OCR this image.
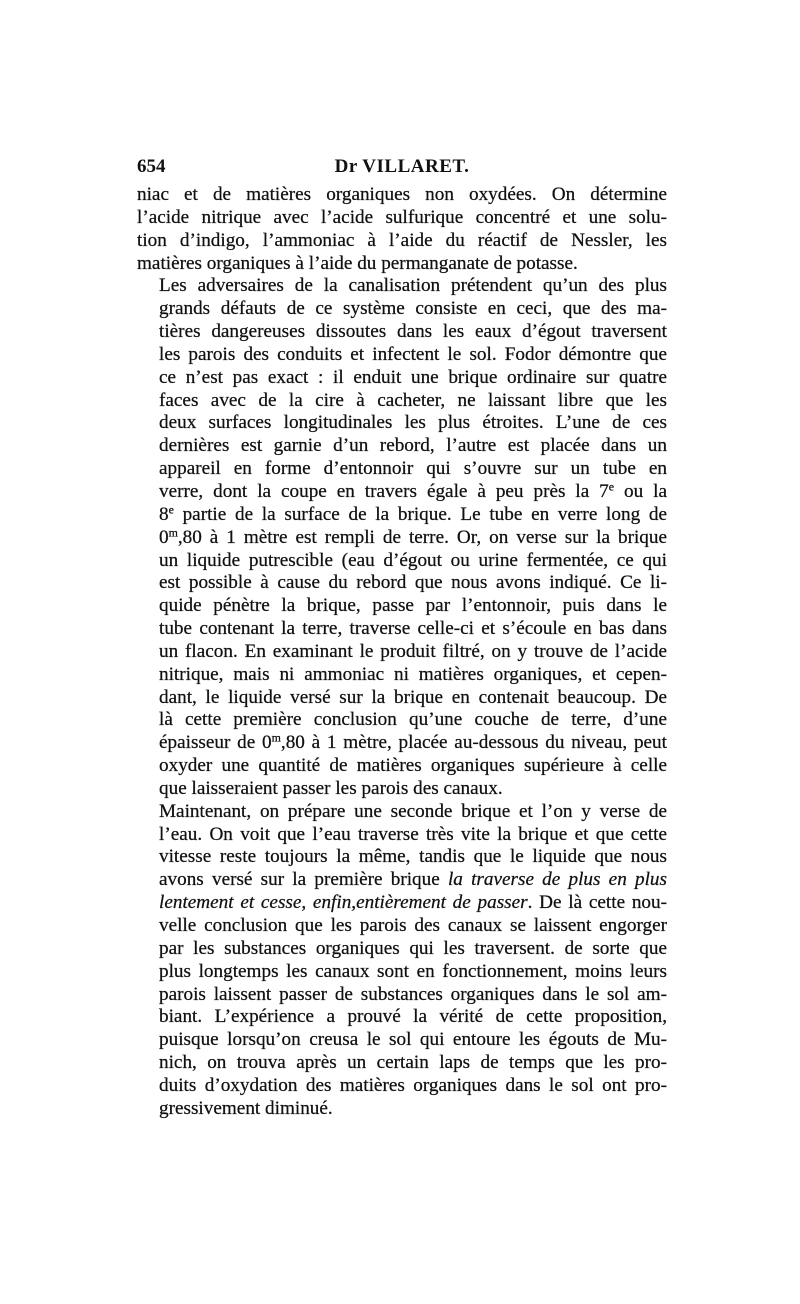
654	Dr VILLARET.

niac et de matières organiques non oxydées. On détermine
l’acide nitrique avec l’acide sulfurique concentré et une solu-
tion d’indigo, l’ammoniac à l’aide du réactif de Nessler, les
matières organiques à l’aide du permanganate de potasse.

Les adversaires de la canalisation prétendent qu’un des plus
grands défauts de ce système consiste en ceci, que des ma-
tières dangereuses dissoutes dans les eaux d’égout traversent
les parois des conduits et infectent le sol. Fodor démontre que
ce n’est pas exact : il enduit une brique ordinaire sur quatre
faces avec de la cire à cacheter, ne laissant libre que les
deux surfaces longitudinales les plus étroites. L’une de ces
dernières est garnie d’un rebord, l’autre est placée dans un
appareil en forme d’entonnoir qui s’ouvre sur un tube en
verre, dont la coupe en travers égale à peu près la 7e ou la
8e partie de la surface de la brique. Le tube en verre long de
0$^m$,80 à 1 mètre est rempli de terre. Or, on verse sur la brique
un liquide putrescible (eau d’égout ou urine fermentée, ce qui
est possible à cause du rebord que nous avons indiqué. Ce li-
quide pénètre la brique, passe par l’entonnoir, puis dans le
tube contenant la terre, traverse celle-ci et s’écoule en bas dans
un flacon. En examinant le produit filtré, on y trouve de l’acide
nitrique, mais ni ammoniac ni matières organiques, et cepen-
dant, le liquide versé sur la brique en contenait beaucoup. De
là cette première conclusion qu’une couche de terre, d’une
épaisseur de 0$^m$,80 à 1 mètre, placée au-dessous du niveau, peut
oxyder une quantité de matières organiques supérieure à celle
que laisseraient passer les parois des canaux.

Maintenant, on prépare une seconde brique et l’on y verse de
l’eau. On voit que l’eau traverse très vite la brique et que cette
vitesse reste toujours la même, tandis que le liquide que nous
avons versé sur la première brique la traverse de plus en plus
lentement et cesse, enfin,entièrement de passer. De là cette nou-
velle conclusion que les parois des canaux se laissent engorger
par les substances organiques qui les traversent. de sorte que
plus longtemps les canaux sont en fonctionnement, moins leurs
parois laissent passer de substances organiques dans le sol am-
biant. L’expérience a prouvé la vérité de cette proposition,
puisque lorsqu’on creusa le sol qui entoure les égouts de Mu-
nich, on trouva après un certain laps de temps que les pro-
duits d’oxydation des matières organiques dans le sol ont pro-
gressivement diminué.
